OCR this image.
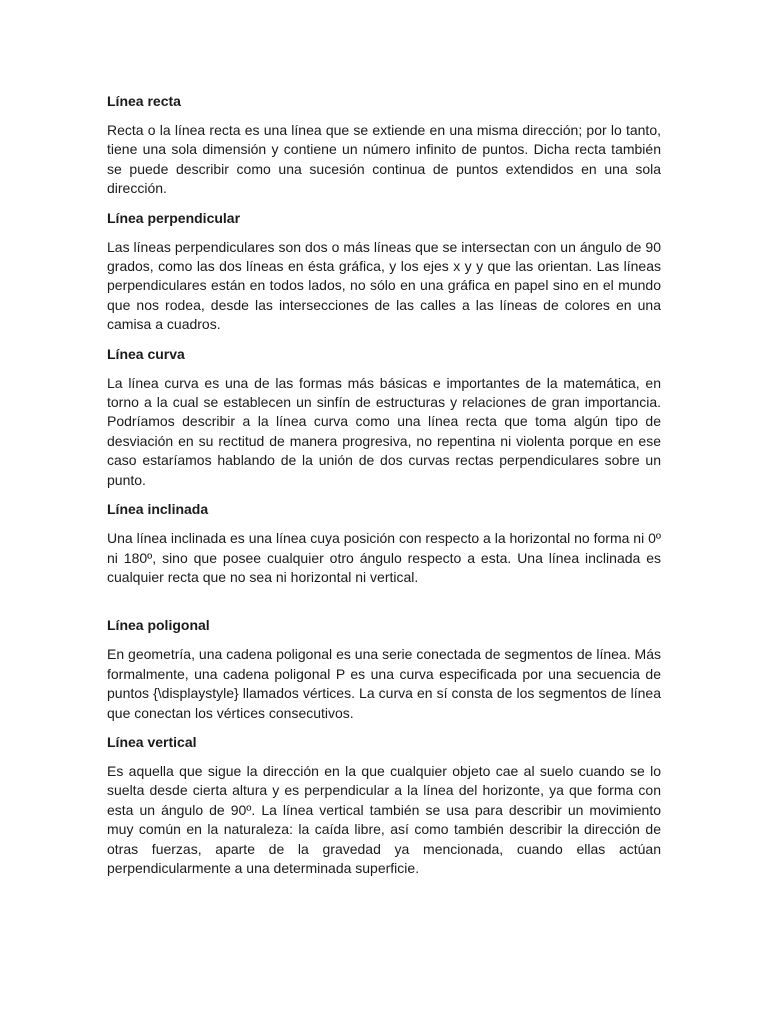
Línea recta
Recta o la línea recta es una línea que se extiende en una misma dirección; por lo tanto, tiene una sola dimensión y contiene un número infinito de puntos. Dicha recta también se puede describir como una sucesión continua de puntos extendidos en una sola dirección.
Línea perpendicular
Las líneas perpendiculares son dos o más líneas que se intersectan con un ángulo de 90 grados, como las dos líneas en ésta gráfica, y los ejes x y y que las orientan. Las líneas perpendiculares están en todos lados, no sólo en una gráfica en papel sino en el mundo que nos rodea, desde las intersecciones de las calles a las líneas de colores en una camisa a cuadros.
Línea curva
La línea curva es una de las formas más básicas e importantes de la matemática, en torno a la cual se establecen un sinfín de estructuras y relaciones de gran importancia. Podríamos describir a la línea curva como una línea recta que toma algún tipo de desviación en su rectitud de manera progresiva, no repentina ni violenta porque en ese caso estaríamos hablando de la unión de dos curvas rectas perpendiculares sobre un punto.
Línea inclinada
Una línea inclinada es una línea cuya posición con respecto a la horizontal no forma ni 0º ni 180º, sino que posee cualquier otro ángulo respecto a esta. Una línea inclinada es cualquier recta que no sea ni horizontal ni vertical.
Línea poligonal
En geometría, una cadena poligonal es una serie conectada de segmentos de línea. Más formalmente, una cadena poligonal P es una curva especificada por una secuencia de puntos {\displaystyle} llamados vértices. La curva en sí consta de los segmentos de línea que conectan los vértices consecutivos.
Línea vertical
Es aquella que sigue la dirección en la que cualquier objeto cae al suelo cuando se lo suelta desde cierta altura y es perpendicular a la línea del horizonte, ya que forma con esta un ángulo de 90º. La línea vertical también se usa para describir un movimiento muy común en la naturaleza: la caída libre, así como también describir la dirección de otras fuerzas, aparte de la gravedad ya mencionada, cuando ellas actúan perpendicularmente a una determinada superficie.
